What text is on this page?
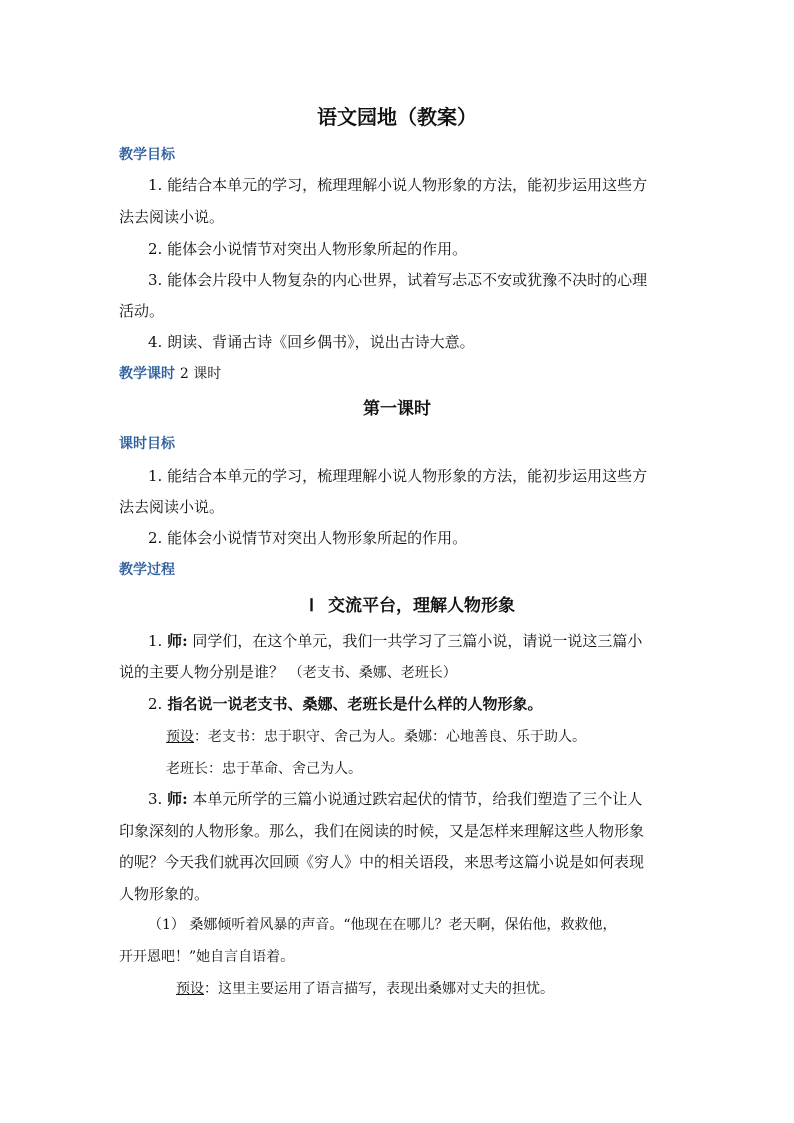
语文园地（教案）
教学目标
1. 能结合本单元的学习，梳理理解小说人物形象的方法，能初步运用这些方
法去阅读小说。
2. 能体会小说情节对突出人物形象所起的作用。
3. 能体会片段中人物复杂的内心世界，试着写忐忑不安或犹豫不决时的心理
活动。
4. 朗读、背诵古诗《回乡偶书》，说出古诗大意。
教学课时 2 课时
第一课时
课时目标
1. 能结合本单元的学习，梳理理解小说人物形象的方法，能初步运用这些方
法去阅读小说。
2. 能体会小说情节对突出人物形象所起的作用。
教学过程
Ⅰ 交流平台，理解人物形象
1. 师: 同学们，在这个单元，我们一共学习了三篇小说，请说一说这三篇小
说的主要人物分别是谁？ （老支书、桑娜、老班长）
2. 指名说一说老支书、桑娜、老班长是什么样的人物形象。
预设：老支书：忠于职守、舍己为人。桑娜：心地善良、乐于助人。
老班长：忠于革命、舍己为人。
3. 师: 本单元所学的三篇小说通过跌宕起伏的情节，给我们塑造了三个让人
印象深刻的人物形象。那么，我们在阅读的时候，又是怎样来理解这些人物形象
的呢？今天我们就再次回顾《穷人》中的相关语段，来思考这篇小说是如何表现
人物形象的。
（1） 桑娜倾听着风暴的声音。“他现在在哪儿？老天啊，保佑他，救救他，
开开恩吧！”她自言自语着。
预设：这里主要运用了语言描写，表现出桑娜对丈夫的担忧。
